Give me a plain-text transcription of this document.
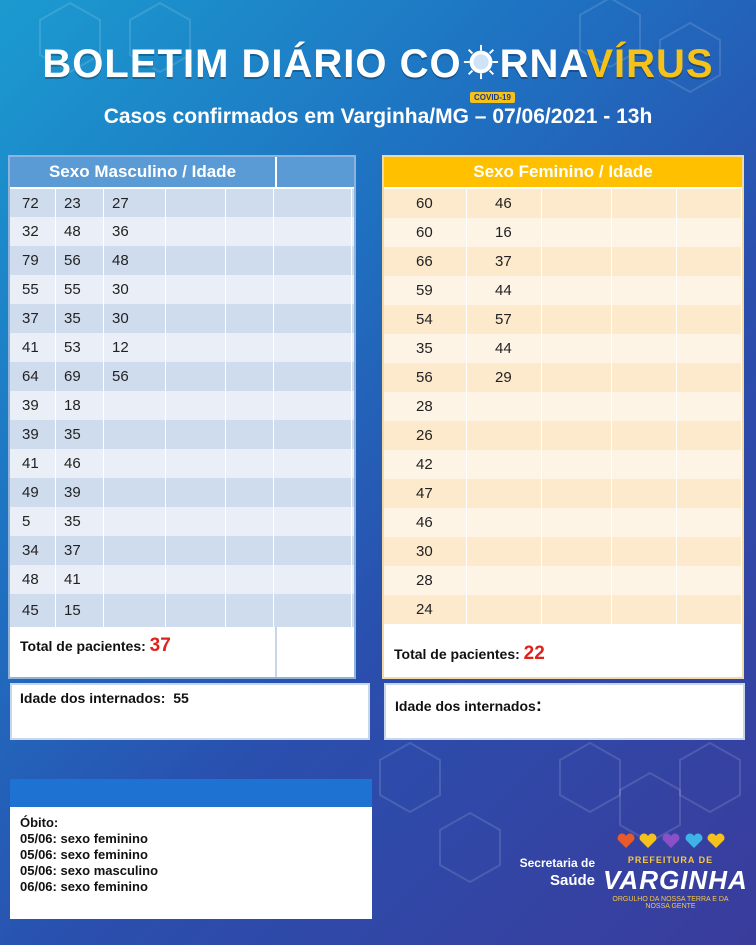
BOLETIM DIÁRIO CO RNAVÍRUS
COVID-19
Casos confirmados em Varginha/MG – 07/06/2021 - 13h
Sexo Masculino / Idade
72	23	27
32	48	36
79	56	48
55	55	30
37	35	30
41	53	12
64	69	56
39	18
39	35
41	46
49	39
5	35
34	37
48	41
45	15
Total de pacientes: 37
Sexo Feminino / Idade
60	46
60	16
66	37
59	44
54	57
35	44
56	29
28
26
42
47
46
30
28
24
Total de pacientes: 22
Idade dos internados: 55	Idade dos internados:
Óbito:
05/06: sexo feminino
05/06: sexo feminino
05/06: sexo masculino
06/06: sexo feminino
Secretaria de
Saúde
PREFEITURA DE
VARGINHA
ORGULHO DA NOSSA TERRA E DA NOSSA GENTE
